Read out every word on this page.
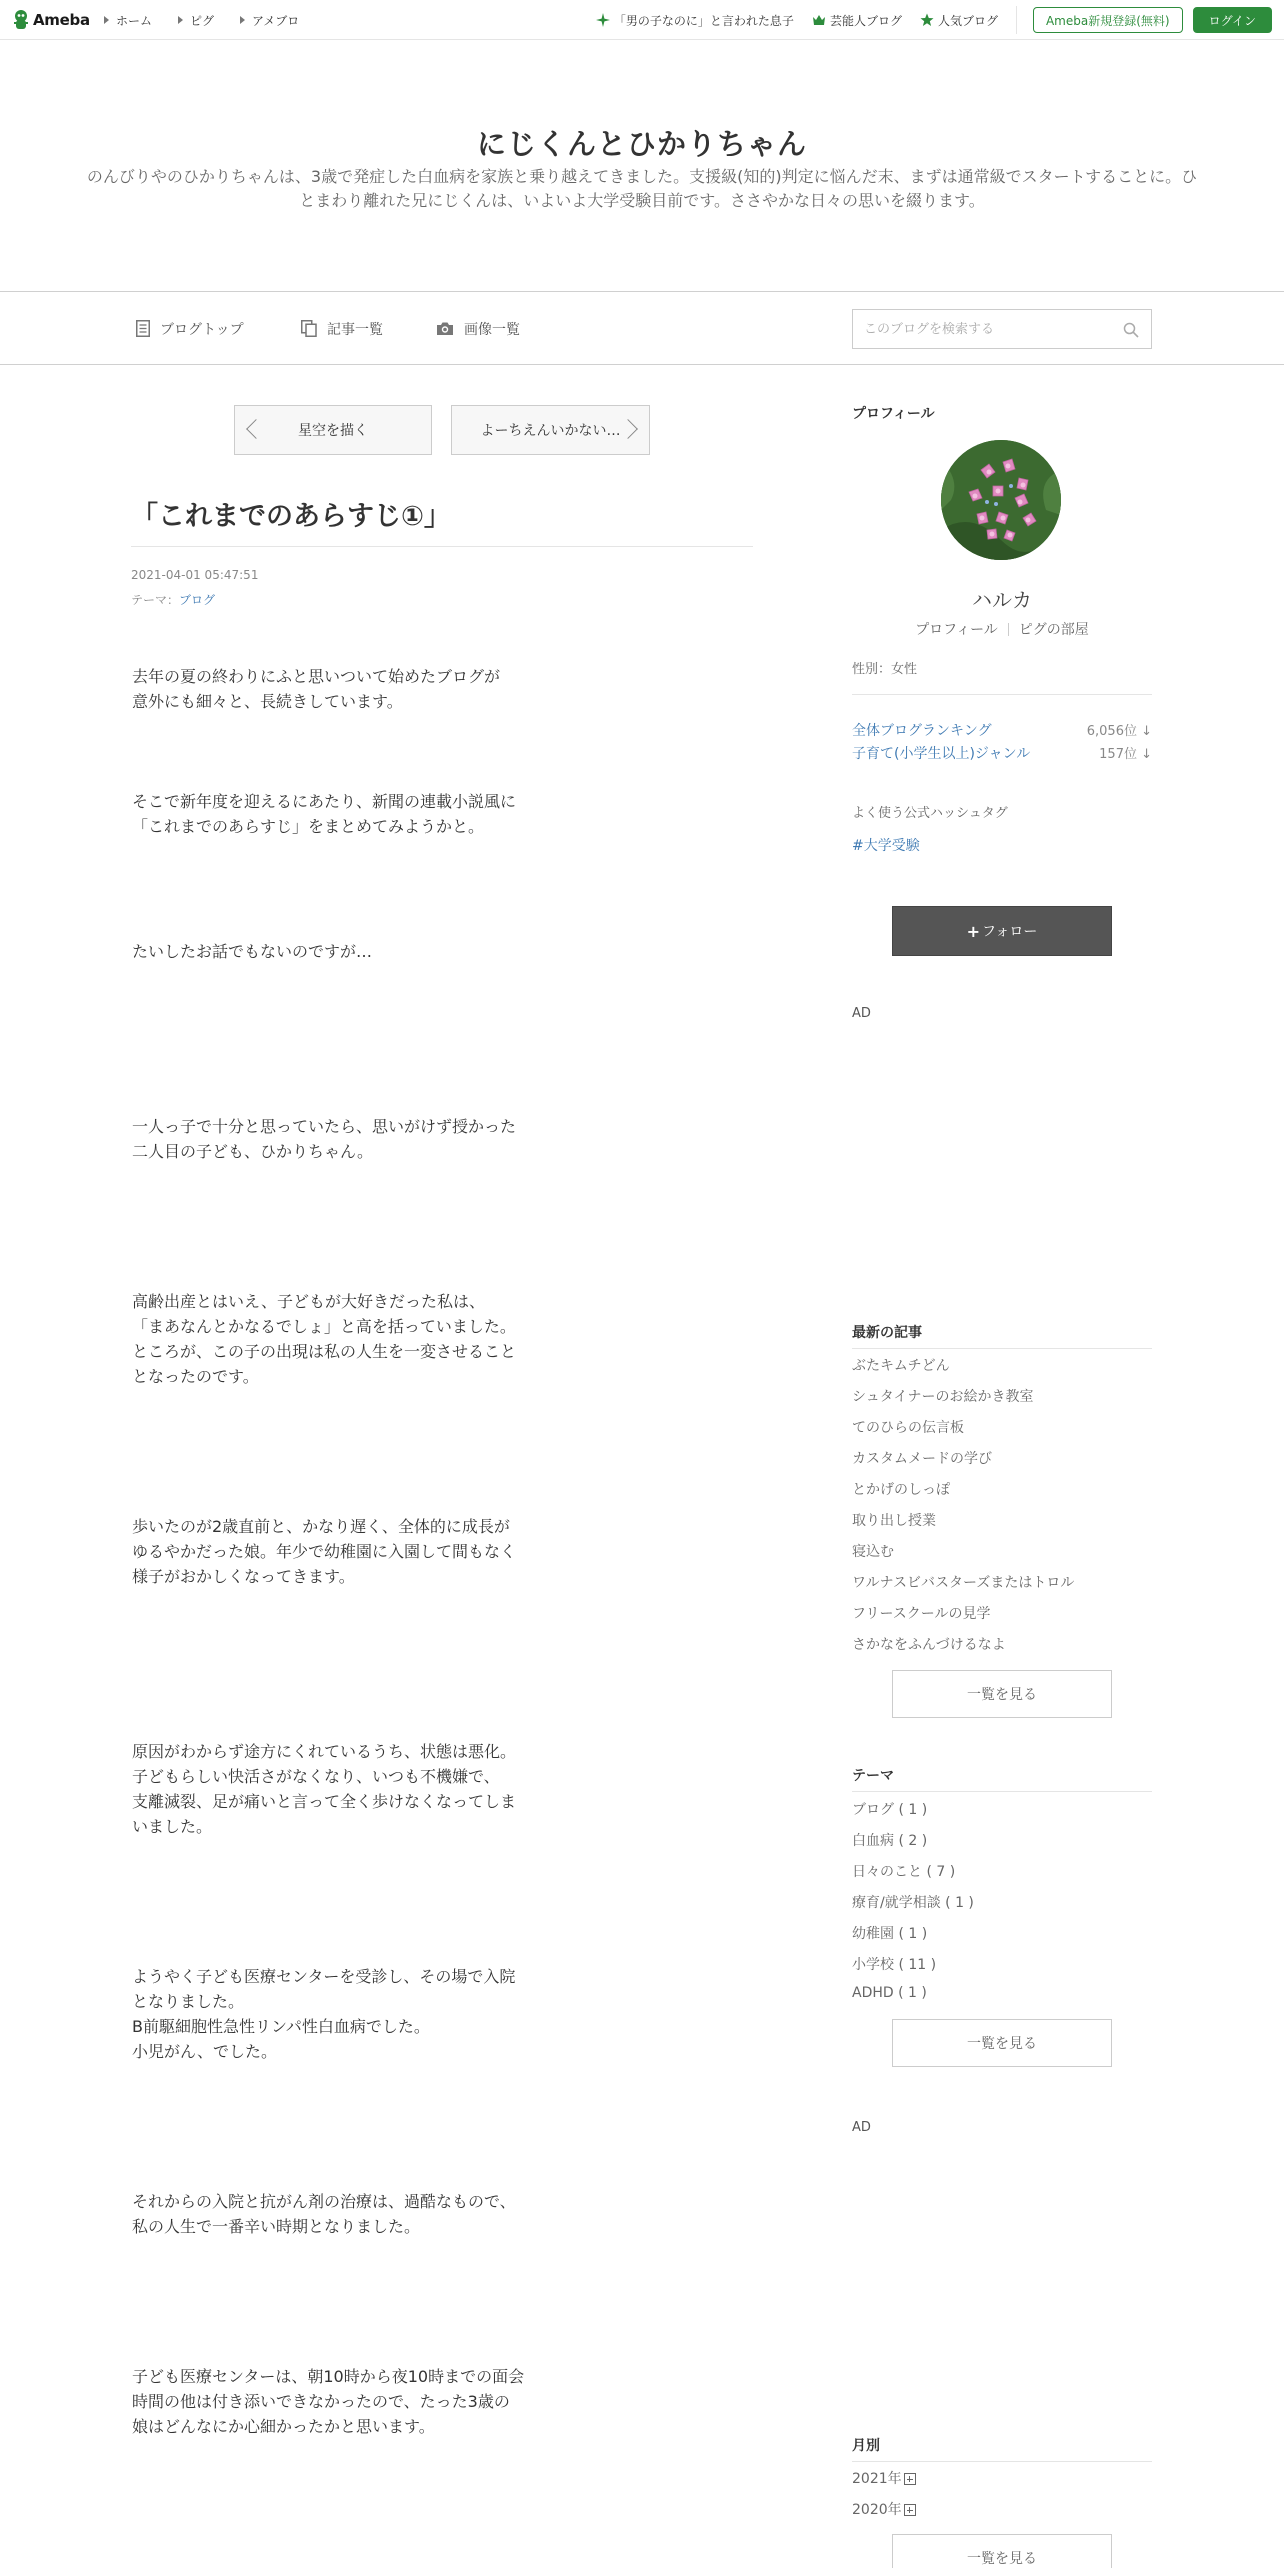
Ameba ホーム	ピグ	アメブロ	「男の子なのに」と言われた息子	芸能人ブログ	人気ブログ	Ameba新規登録(無料)	ログイン
にじくんとひかりちゃん
のんびりやのひかりちゃんは、3歳で発症した白血病を家族と乗り越えてきました。支援級(知的)判定に悩んだ末、まずは通常級でスタートすることに。ひとまわり離れた兄にじくんは、いよいよ大学受験目前です。ささやかな日々の思いを綴ります。
ブログトップ	記事一覧	画像一覧
このブログを検索する
星空を描く	よーちえんいかない…
「これまでのあらすじ①」
2021-04-01 05:47:51
テーマ：ブログ
去年の夏の終わりにふと思いついて始めたブログが
意外にも細々と、長続きしています。
そこで新年度を迎えるにあたり、新聞の連載小説風に
「これまでのあらすじ」をまとめてみようかと。
たいしたお話でもないのですが…
一人っ子で十分と思っていたら、思いがけず授かった
二人目の子ども、ひかりちゃん。
高齢出産とはいえ、子どもが大好きだった私は、
「まあなんとかなるでしょ」と高を括っていました。
ところが、この子の出現は私の人生を一変させること
となったのです。
歩いたのが2歳直前と、かなり遅く、全体的に成長が
ゆるやかだった娘。年少で幼稚園に入園して間もなく
様子がおかしくなってきます。
原因がわからず途方にくれているうち、状態は悪化。
子どもらしい快活さがなくなり、いつも不機嫌で、
支離滅裂、足が痛いと言って全く歩けなくなってしま
いました。
ようやく子ども医療センターを受診し、その場で入院
となりました。
B前駆細胞性急性リンパ性白血病でした。
小児がん、でした。
それからの入院と抗がん剤の治療は、過酷なもので、
私の人生で一番辛い時期となりました。
子ども医療センターは、朝10時から夜10時までの面会
時間の他は付き添いできなかったので、たった3歳の
娘はどんなにか心細かったかと思います。
プロフィール
ハルカ
プロフィール ピグの部屋
性別：女性
全体ブログランキング	6,056位 ↓
子育て(小学生以上)ジャンル	157位 ↓
よく使う公式ハッシュタグ
#大学受験
+ フォロー
AD
最新の記事
ぶたキムチどん
シュタイナーのお絵かき教室
てのひらの伝言板
カスタムメードの学び
とかげのしっぽ
取り出し授業
寝込む
ワルナスビバスターズまたはトロル
フリースクールの見学
さかなをふんづけるなよ
一覧を見る
テーマ
ブログ ( 1 )
白血病 ( 2 )
日々のこと ( 7 )
療育/就学相談 ( 1 )
幼稚園 ( 1 )
小学校 ( 11 )
ADHD ( 1 )
一覧を見る
AD
月別
2021年
2020年
一覧を見る
